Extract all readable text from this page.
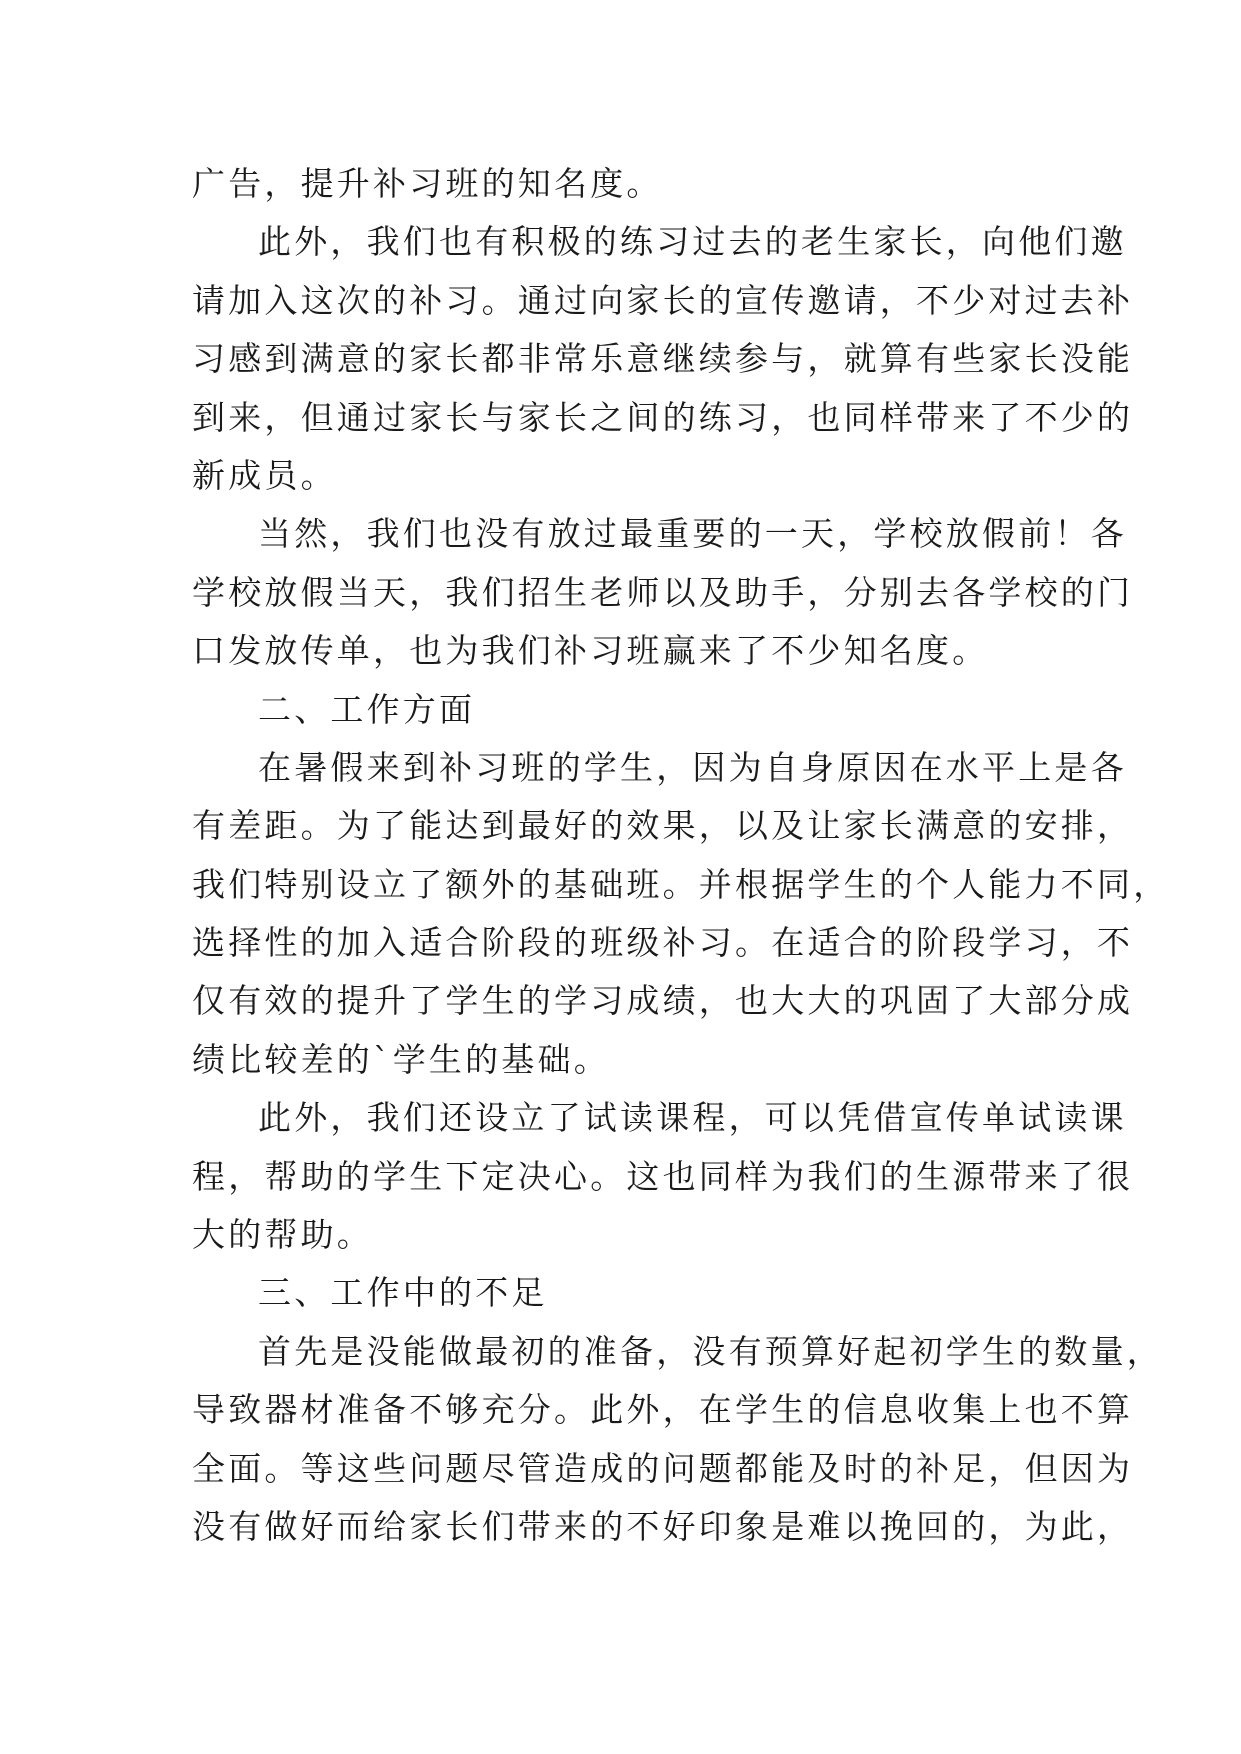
广告，提升补习班的知名度。
此外，我们也有积极的练习过去的老生家长，向他们邀
请加入这次的补习。通过向家长的宣传邀请，不少对过去补
习感到满意的家长都非常乐意继续参与，就算有些家长没能
到来，但通过家长与家长之间的练习，也同样带来了不少的
新成员。
当然，我们也没有放过最重要的一天，学校放假前！各
学校放假当天，我们招生老师以及助手，分别去各学校的门
口发放传单，也为我们补习班赢来了不少知名度。
二、工作方面
在暑假来到补习班的学生，因为自身原因在水平上是各
有差距。为了能达到最好的效果，以及让家长满意的安排，
我们特别设立了额外的基础班。并根据学生的个人能力不同，
选择性的加入适合阶段的班级补习。在适合的阶段学习，不
仅有效的提升了学生的学习成绩，也大大的巩固了大部分成
绩比较差的`学生的基础。
此外，我们还设立了试读课程，可以凭借宣传单试读课
程，帮助的学生下定决心。这也同样为我们的生源带来了很
大的帮助。
三、工作中的不足
首先是没能做最初的准备，没有预算好起初学生的数量，
导致器材准备不够充分。此外，在学生的信息收集上也不算
全面。等这些问题尽管造成的问题都能及时的补足，但因为
没有做好而给家长们带来的不好印象是难以挽回的，为此，
